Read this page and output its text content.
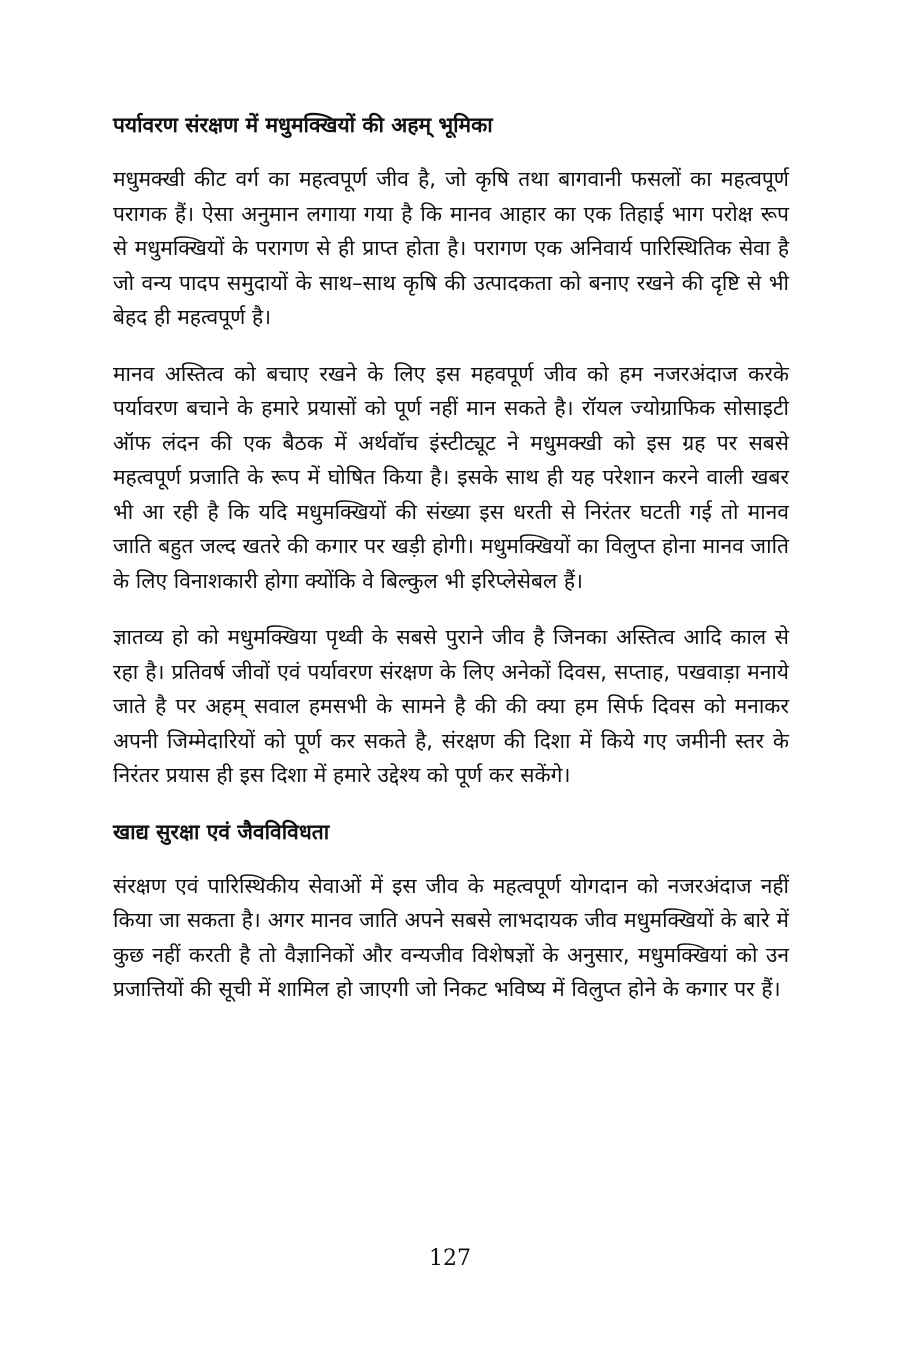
पर्यावरण संरक्षण में मधुमक्खियों की अहम् भूमिका

मधुमक्खी कीट वर्ग का महत्वपूर्ण जीव है, जो कृषि तथा बागवानी फसलों का महत्वपूर्ण परागक हैं। ऐसा अनुमान लगाया गया है कि मानव आहार का एक तिहाई भाग परोक्ष रूप से मधुमक्खियों के परागण से ही प्राप्त होता है। परागण एक अनिवार्य पारिस्थितिक सेवा है जो वन्य पादप समुदायों के साथ–साथ कृषि की उत्पादकता को बनाए रखने की दृष्टि से भी बेहद ही महत्वपूर्ण है।

मानव अस्तित्व को बचाए रखने के लिए इस महवपूर्ण जीव को हम नजरअंदाज करके पर्यावरण बचाने के हमारे प्रयासों को पूर्ण नहीं मान सकते है। रॉयल ज्योग्राफिक सोसाइटी ऑफ लंदन की एक बैठक में अर्थवॉच इंस्टीट्यूट ने मधुमक्खी को इस ग्रह पर सबसे महत्वपूर्ण प्रजाति के रूप में घोषित किया है। इसके साथ ही यह परेशान करने वाली खबर भी आ रही है कि यदि मधुमक्खियों की संख्या इस धरती से निरंतर घटती गई तो मानव जाति बहुत जल्द खतरे की कगार पर खड़ी होगी। मधुमक्खियों का विलुप्त होना मानव जाति के लिए विनाशकारी होगा क्योंकि वे बिल्कुल भी इरिप्लेसेबल हैं।

ज्ञातव्य हो को मधुमक्खिया पृथ्वी के सबसे पुराने जीव है जिनका अस्तित्व आदि काल से रहा है। प्रतिवर्ष जीवों एवं पर्यावरण संरक्षण के लिए अनेकों दिवस, सप्ताह, पखवाड़ा मनाये जाते है पर अहम् सवाल हमसभी के सामने है की की क्या हम सिर्फ दिवस को मनाकर अपनी जिम्मेदारियों को पूर्ण कर सकते है, संरक्षण की दिशा में किये गए जमीनी स्तर के निरंतर प्रयास ही इस दिशा में हमारे उद्देश्य को पूर्ण कर सकेंगे।

खाद्य सुरक्षा एवं जैवविविधता

संरक्षण एवं पारिस्थिकीय सेवाओं में इस जीव के महत्वपूर्ण योगदान को नजरअंदाज नहीं किया जा सकता है। अगर मानव जाति अपने सबसे लाभदायक जीव मधुमक्खियों के बारे में कुछ नहीं करती है तो वैज्ञानिकों और वन्यजीव विशेषज्ञों के अनुसार, मधुमक्खियां को उन प्रजात्तियों की सूची में शामिल हो जाएगी जो निकट भविष्य में विलुप्त होने के कगार पर हैं।

127
